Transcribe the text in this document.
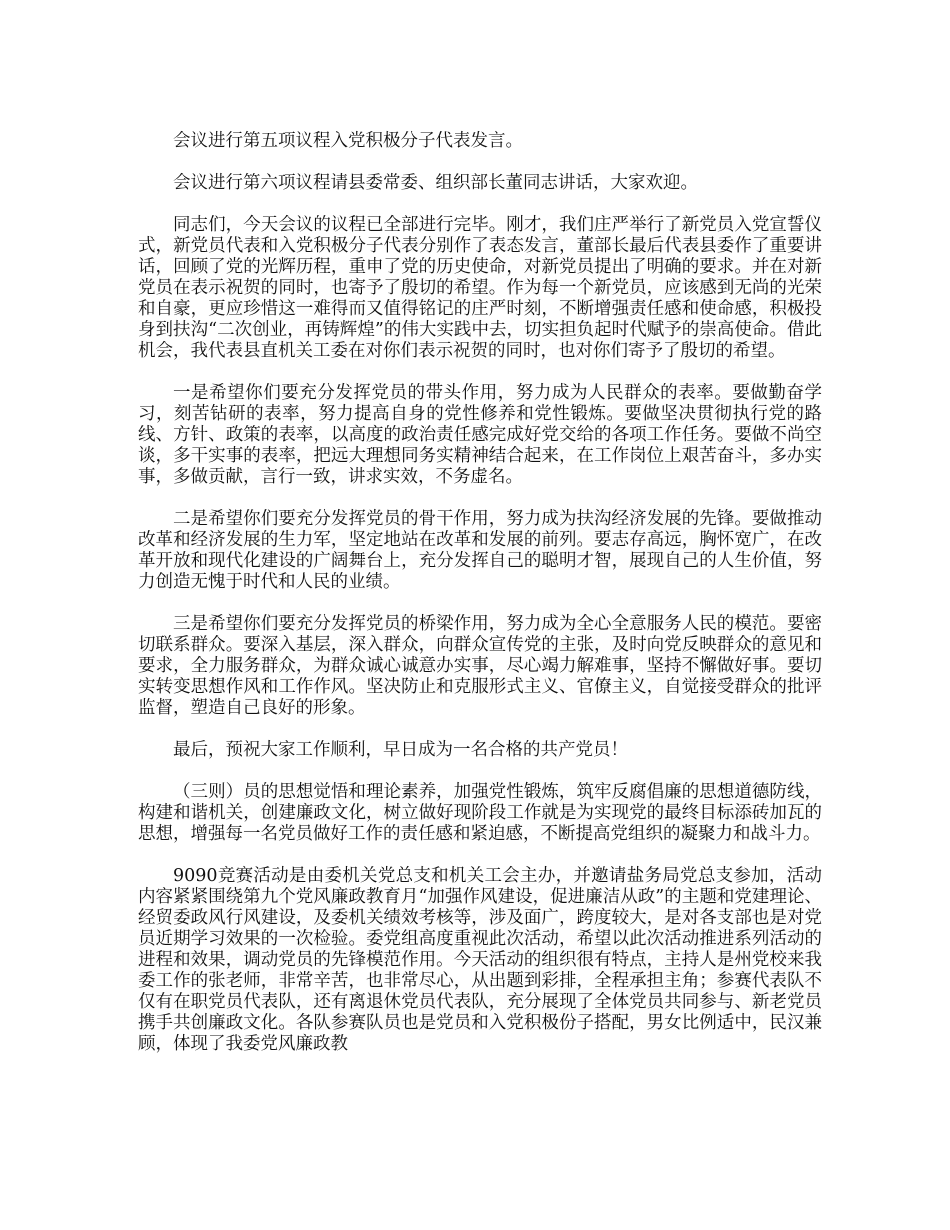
会议进行第五项议程入党积极分子代表发言。

会议进行第六项议程请县委常委、组织部长董同志讲话，大家欢迎。

同志们，今天会议的议程已全部进行完毕。刚才，我们庄严举行了新党员入党宣誓仪式，新党员代表和入党积极分子代表分别作了表态发言，董部长最后代表县委作了重要讲话，回顾了党的光辉历程，重申了党的历史使命，对新党员提出了明确的要求。并在对新党员在表示祝贺的同时，也寄予了殷切的希望。作为每一个新党员，应该感到无尚的光荣和自豪，更应珍惜这一难得而又值得铭记的庄严时刻，不断增强责任感和使命感，积极投身到扶沟“二次创业，再铸辉煌”的伟大实践中去，切实担负起时代赋予的崇高使命。借此机会，我代表县直机关工委在对你们表示祝贺的同时，也对你们寄予了殷切的希望。

一是希望你们要充分发挥党员的带头作用，努力成为人民群众的表率。要做勤奋学习，刻苦钻研的表率，努力提高自身的党性修养和党性锻炼。要做坚决贯彻执行党的路线、方针、政策的表率，以高度的政治责任感完成好党交给的各项工作任务。要做不尚空谈，多干实事的表率，把远大理想同务实精神结合起来，在工作岗位上艰苦奋斗，多办实事，多做贡献，言行一致，讲求实效，不务虚名。

二是希望你们要充分发挥党员的骨干作用，努力成为扶沟经济发展的先锋。要做推动改革和经济发展的生力军，坚定地站在改革和发展的前列。要志存高远，胸怀宽广，在改革开放和现代化建设的广阔舞台上，充分发挥自己的聪明才智，展现自己的人生价值，努力创造无愧于时代和人民的业绩。

三是希望你们要充分发挥党员的桥梁作用，努力成为全心全意服务人民的模范。要密切联系群众。要深入基层，深入群众，向群众宣传党的主张，及时向党反映群众的意见和要求，全力服务群众，为群众诚心诚意办实事，尽心竭力解难事，坚持不懈做好事。要切实转变思想作风和工作作风。坚决防止和克服形式主义、官僚主义，自觉接受群众的批评监督，塑造自己良好的形象。

最后，预祝大家工作顺利，早日成为一名合格的共产党员！

（三则）员的思想觉悟和理论素养，加强党性锻炼，筑牢反腐倡廉的思想道德防线，构建和谐机关，创建廉政文化，树立做好现阶段工作就是为实现党的最终目标添砖加瓦的思想，增强每一名党员做好工作的责任感和紧迫感，不断提高党组织的凝聚力和战斗力。

9090竞赛活动是由委机关党总支和机关工会主办，并邀请盐务局党总支参加，活动内容紧紧围绕第九个党风廉政教育月“加强作风建设，促进廉洁从政”的主题和党建理论、经贸委政风行风建设，及委机关绩效考核等，涉及面广，跨度较大，是对各支部也是对党员近期学习效果的一次检验。委党组高度重视此次活动，希望以此次活动推进系列活动的进程和效果，调动党员的先锋模范作用。今天活动的组织很有特点，主持人是州党校来我委工作的张老师，非常辛苦，也非常尽心，从出题到彩排，全程承担主角；参赛代表队不仅有在职党员代表队，还有离退休党员代表队，充分展现了全体党员共同参与、新老党员携手共创廉政文化。各队参赛队员也是党员和入党积极份子搭配，男女比例适中，民汉兼顾，体现了我委党风廉政教
